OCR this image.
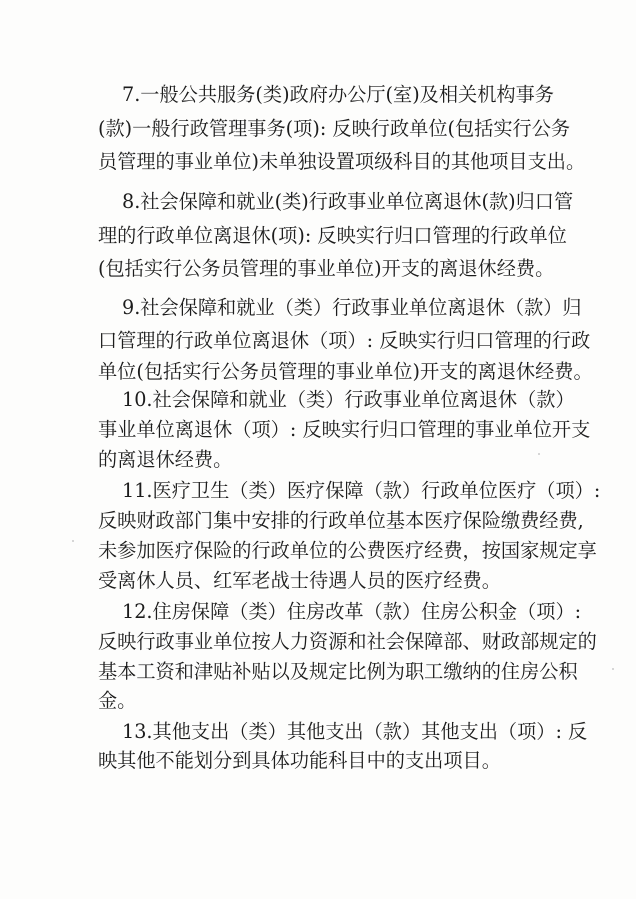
7.一般公共服务(类)政府办公厅(室)及相关机构事务
(款)一般行政管理事务(项): 反映行政单位(包括实行公务
员管理的事业单位)未单独设置项级科目的其他项目支出。
8.社会保障和就业(类)行政事业单位离退休(款)归口管
理的行政单位离退休(项): 反映实行归口管理的行政单位
(包括实行公务员管理的事业单位)开支的离退休经费。
9.社会保障和就业（类）行政事业单位离退休（款）归
口管理的行政单位离退休（项）: 反映实行归口管理的行政
单位(包括实行公务员管理的事业单位)开支的离退休经费。
10.社会保障和就业（类）行政事业单位离退休（款）
事业单位离退休（项）: 反映实行归口管理的事业单位开支
的离退休经费。
11.医疗卫生（类）医疗保障（款）行政单位医疗（项）:
反映财政部门集中安排的行政单位基本医疗保险缴费经费,
未参加医疗保险的行政单位的公费医疗经费，按国家规定享
受离休人员、红军老战士待遇人员的医疗经费。
12.住房保障（类）住房改革（款）住房公积金（项）:
反映行政事业单位按人力资源和社会保障部、财政部规定的
基本工资和津贴补贴以及规定比例为职工缴纳的住房公积
金。
13.其他支出（类）其他支出（款）其他支出（项）: 反
映其他不能划分到具体功能科目中的支出项目。
